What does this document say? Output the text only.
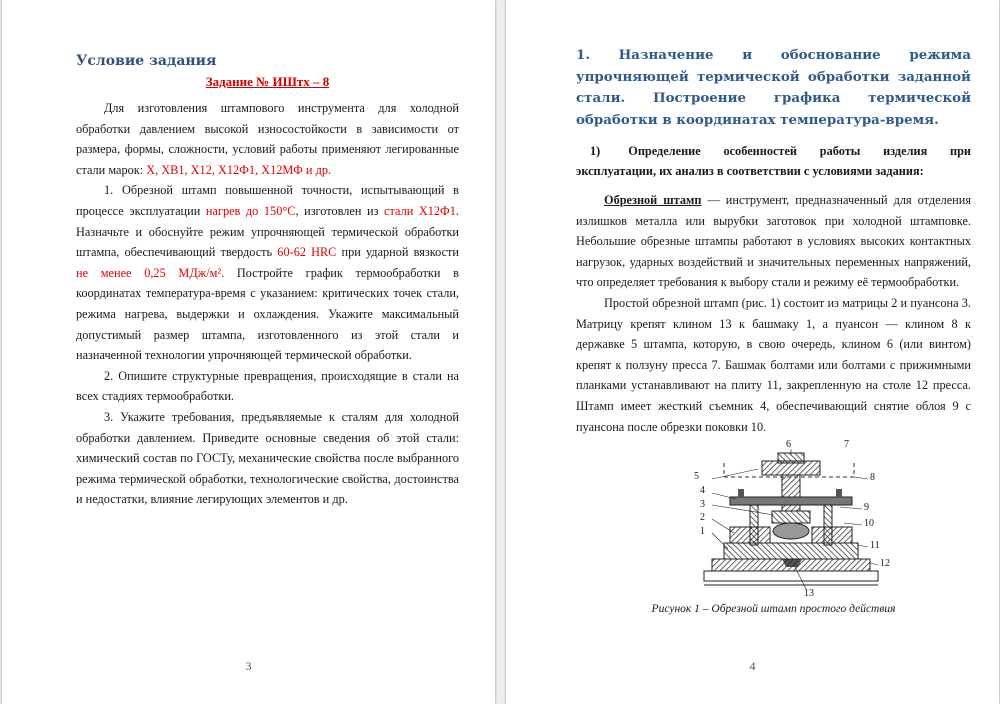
Условие задания
Задание № ИШтх – 8

Для изготовления штампового инструмента для холодной обработки давлением высокой износостойкости в зависимости от размера, формы, сложности, условий работы применяют легированные стали марок: Х, ХВ1, Х12, Х12Ф1, Х12МФ и др.

1. Обрезной штамп повышенной точности, испытывающий в процессе эксплуатации нагрев до 150°С, изготовлен из стали Х12Ф1. Назначьте и обоснуйте режим упрочняющей термической обработки штампа, обеспечивающий твердость 60-62 HRC при ударной вязкости не менее 0,25 МДж/м². Постройте график термообработки в координатах температура-время с указанием: критических точек стали, режима нагрева, выдержки и охлаждения. Укажите максимальный допустимый размер штампа, изготовленного из этой стали и назначенной технологии упрочняющей термической обработки.

2. Опишите структурные превращения, происходящие в стали на всех стадиях термообработки.

3. Укажите требования, предъявляемые к сталям для холодной обработки давлением. Приведите основные сведения об этой стали: химический состав по ГОСТу, механические свойства после выбранного режима термической обработки, технологические свойства, достоинства и недостатки, влияние легирующих элементов и др.

3
1. Назначение и обоснование режима упрочняющей термической обработки заданной стали. Построение графика термической обработки в координатах температура-время.
1) Определение особенностей работы изделия при эксплуатации, их анализ в соответствии с условиями задания:

Обрезной штамп — инструмент, предназначенный для отделения излишков металла или вырубки заготовок при холодной штамповке. Небольшие обрезные штампы работают в условиях высоких контактных нагрузок, ударных воздействий и значительных переменных напряжений, что определяет требования к выбору стали и режиму её термообработки.

Простой обрезной штамп (рис. 1) состоит из матрицы 2 и пуансона 3. Матрицу крепят клином 13 к башмаку 1, а пуансон — клином 8 к державке 5 штампа, которую, в свою очередь, клином 6 (или винтом) крепят к ползуну пресса 7. Башмак болтами или болтами с прижимными планками устанавливают на плиту 11, закрепленную на столе 12 пресса. Штамп имеет жесткий съемник 4, обеспечивающий снятие облоя 9 с пуансона после обрезки поковки 10.

5
4
3
2
1
6	7
8
9
10
11
12
13
Рисунок 1 – Обрезной штамп простого действия
4
